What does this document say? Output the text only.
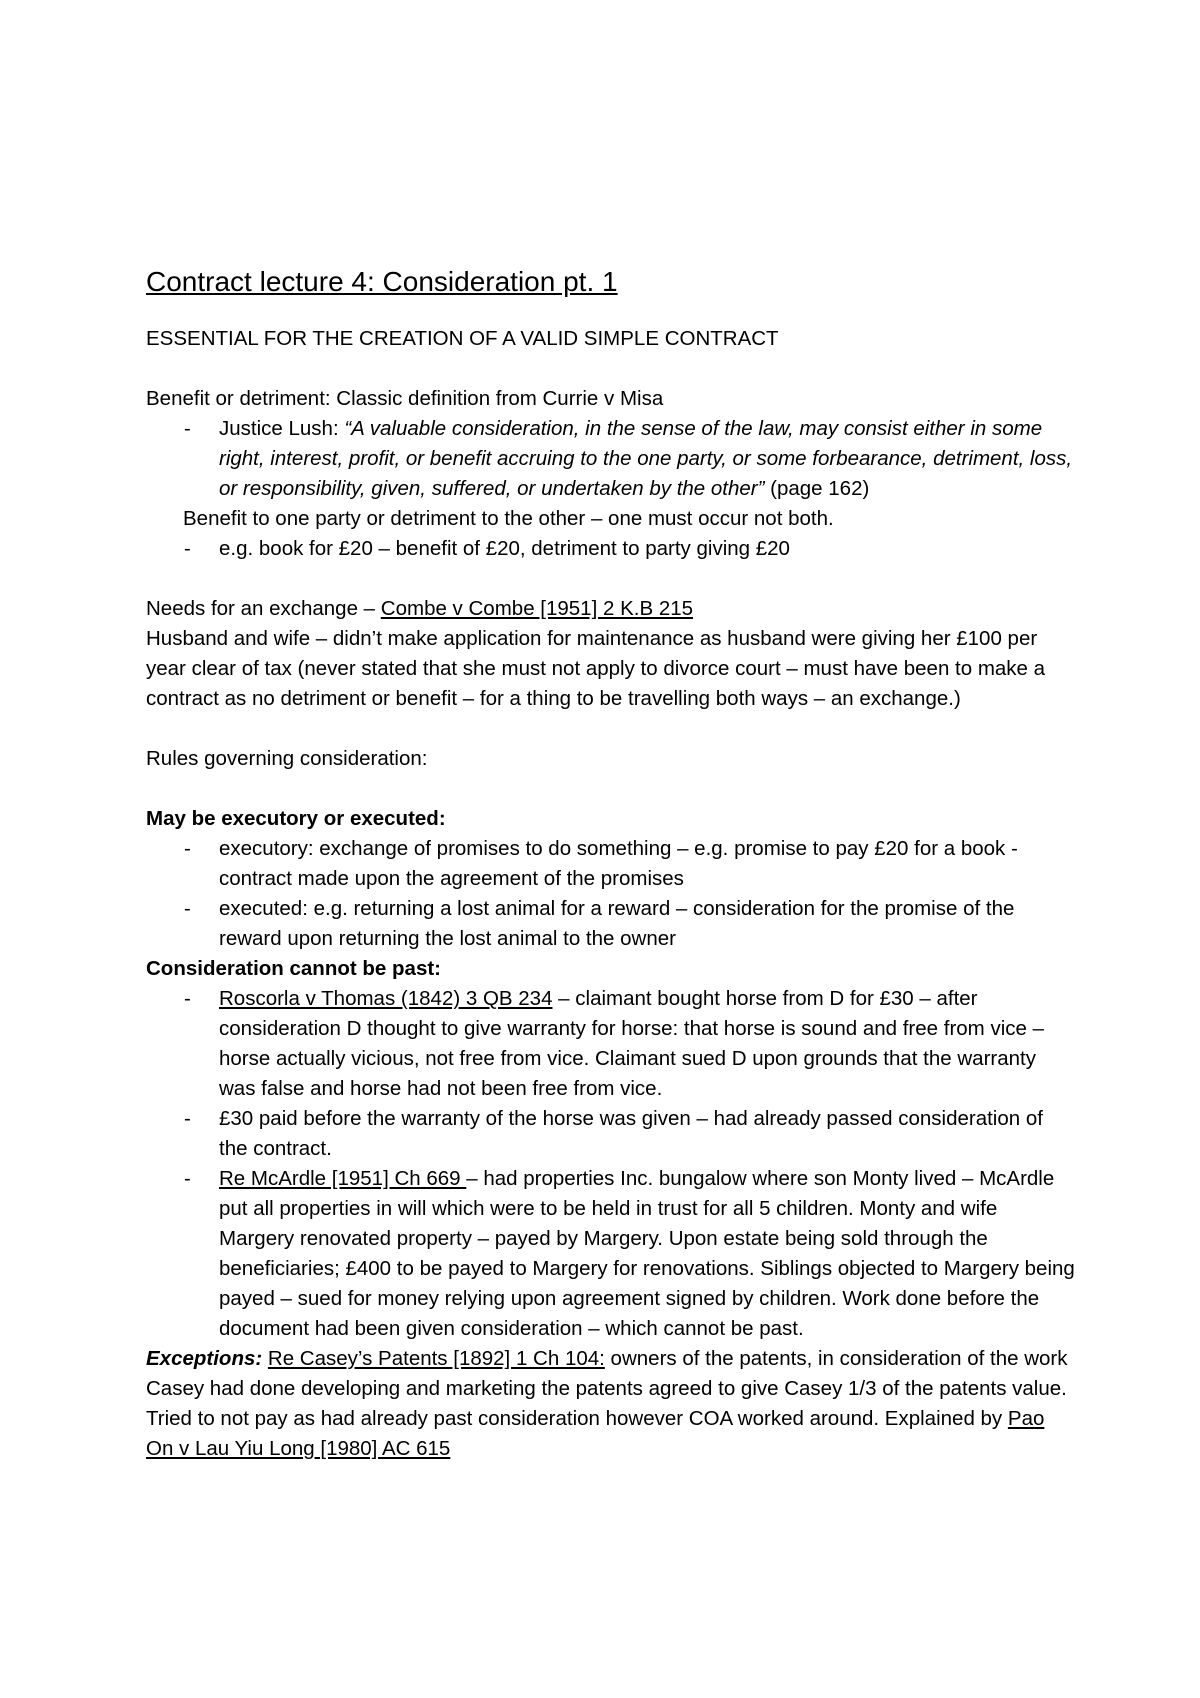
Contract lecture 4: Consideration pt. 1

ESSENTIAL FOR THE CREATION OF A VALID SIMPLE CONTRACT

Benefit or detriment: Classic definition from Currie v Misa

- Justice Lush: “A valuable consideration, in the sense of the law, may consist either in some right, interest, profit, or benefit accruing to the one party, or some forbearance, detriment, loss, or responsibility, given, suffered, or undertaken by the other” (page 162)

Benefit to one party or detriment to the other – one must occur not both.

- e.g. book for £20 – benefit of £20, detriment to party giving £20

Needs for an exchange – Combe v Combe [1951] 2 K.B 215

Husband and wife – didn’t make application for maintenance as husband were giving her £100 per year clear of tax (never stated that she must not apply to divorce court – must have been to make a contract as no detriment or benefit – for a thing to be travelling both ways – an exchange.)

Rules governing consideration:

May be executory or executed:

- executory: exchange of promises to do something – e.g. promise to pay £20 for a book - contract made upon the agreement of the promises
- executed: e.g. returning a lost animal for a reward – consideration for the promise of the reward upon returning the lost animal to the owner

Consideration cannot be past:

- Roscorla v Thomas (1842) 3 QB 234 – claimant bought horse from D for £30 – after consideration D thought to give warranty for horse: that horse is sound and free from vice – horse actually vicious, not free from vice. Claimant sued D upon grounds that the warranty was false and horse had not been free from vice.
- £30 paid before the warranty of the horse was given – had already passed consideration of the contract.
- Re McArdle [1951] Ch 669 – had properties Inc. bungalow where son Monty lived – McArdle put all properties in will which were to be held in trust for all 5 children. Monty and wife Margery renovated property – payed by Margery. Upon estate being sold through the beneficiaries; £400 to be payed to Margery for renovations. Siblings objected to Margery being payed – sued for money relying upon agreement signed by children. Work done before the document had been given consideration – which cannot be past.

Exceptions: Re Casey’s Patents [1892] 1 Ch 104: owners of the patents, in consideration of the work Casey had done developing and marketing the patents agreed to give Casey 1/3 of the patents value. Tried to not pay as had already past consideration however COA worked around. Explained by Pao On v Lau Yiu Long [1980] AC 615
